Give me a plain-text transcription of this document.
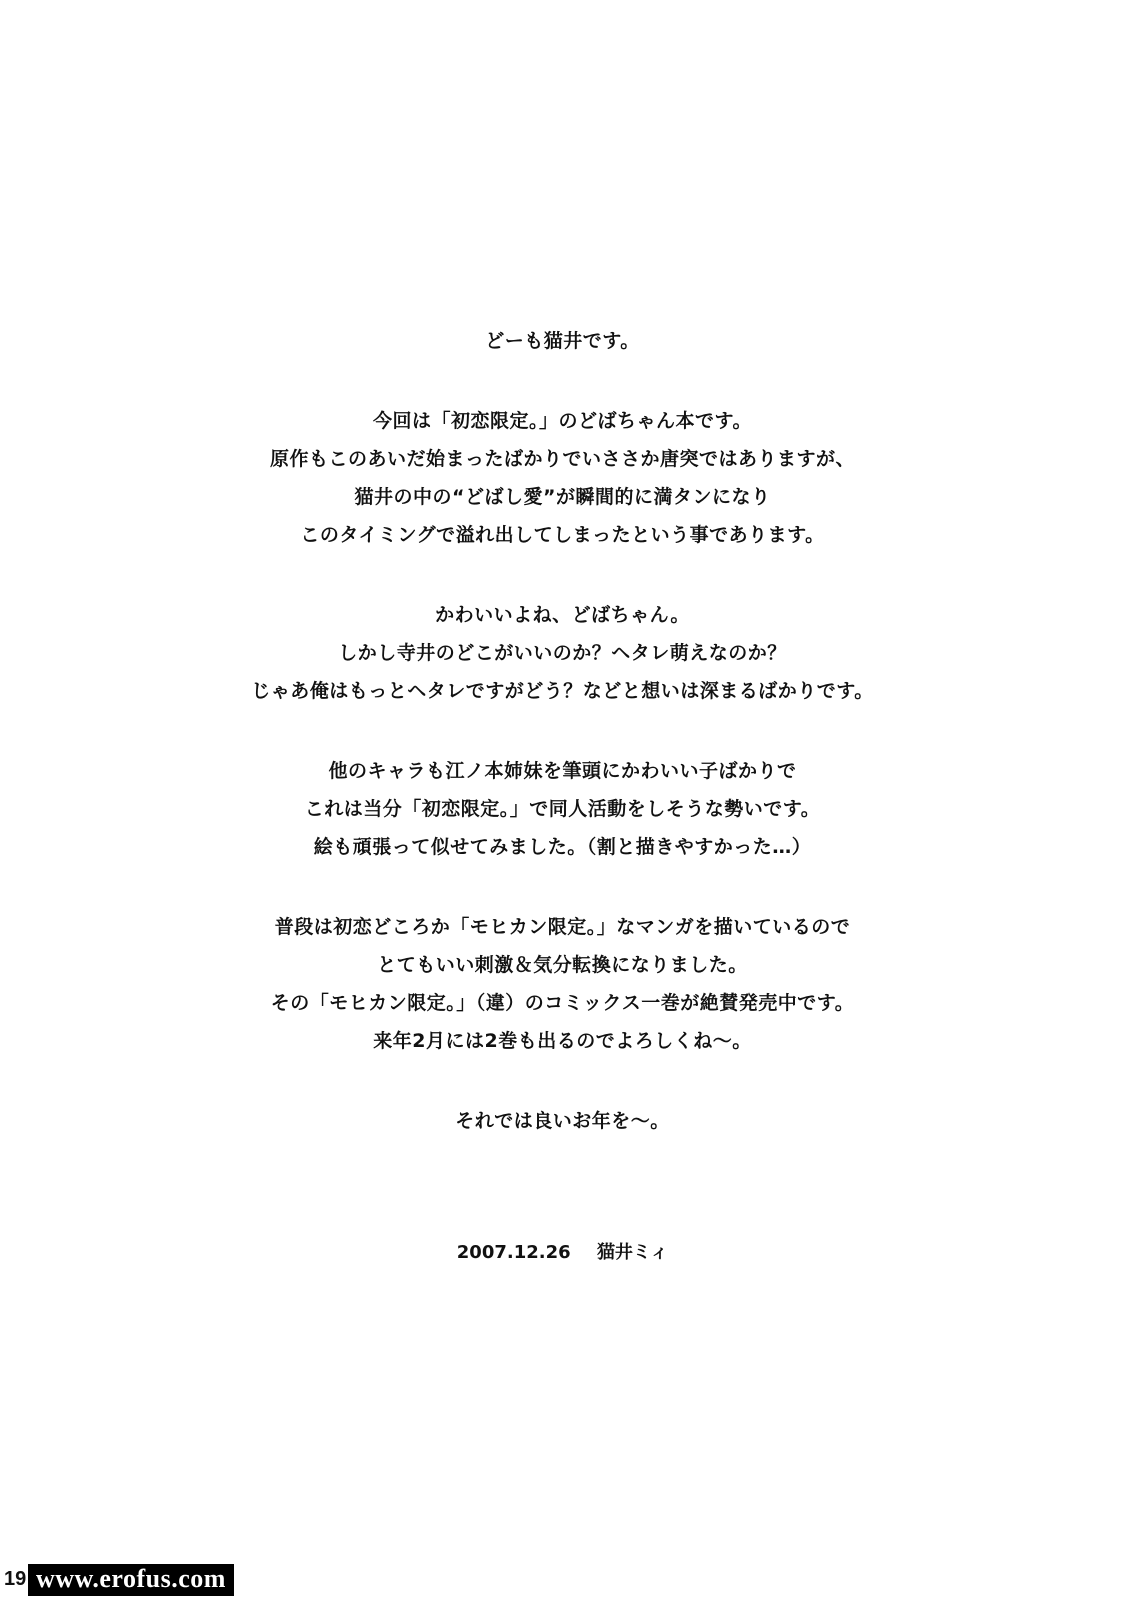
どーも猫井です。
今回は「初恋限定。」のどばちゃん本です。
原作もこのあいだ始まったばかりでいささか唐突ではありますが、
猫井の中の“どばし愛”が瞬間的に満タンになり
このタイミングで溢れ出してしまったという事であります。
かわいいよね、どばちゃん。
しかし寺井のどこがいいのか？ヘタレ萌えなのか？
じゃあ俺はもっとヘタレですがどう？などと想いは深まるばかりです。
他のキャラも江ノ本姉妹を筆頭にかわいい子ばかりで
これは当分「初恋限定。」で同人活動をしそうな勢いです。
絵も頑張って似せてみました。（割と描きやすかった…）
普段は初恋どころか「モヒカン限定。」なマンガを描いているので
とてもいい刺激＆気分転換になりました。
その「モヒカン限定。」（違）のコミックス一巻が絶賛発売中です。
来年2月には2巻も出るのでよろしくね～。
それでは良いお年を～。
2007.12.26 猫井ミィ
19 www.erofus.com
